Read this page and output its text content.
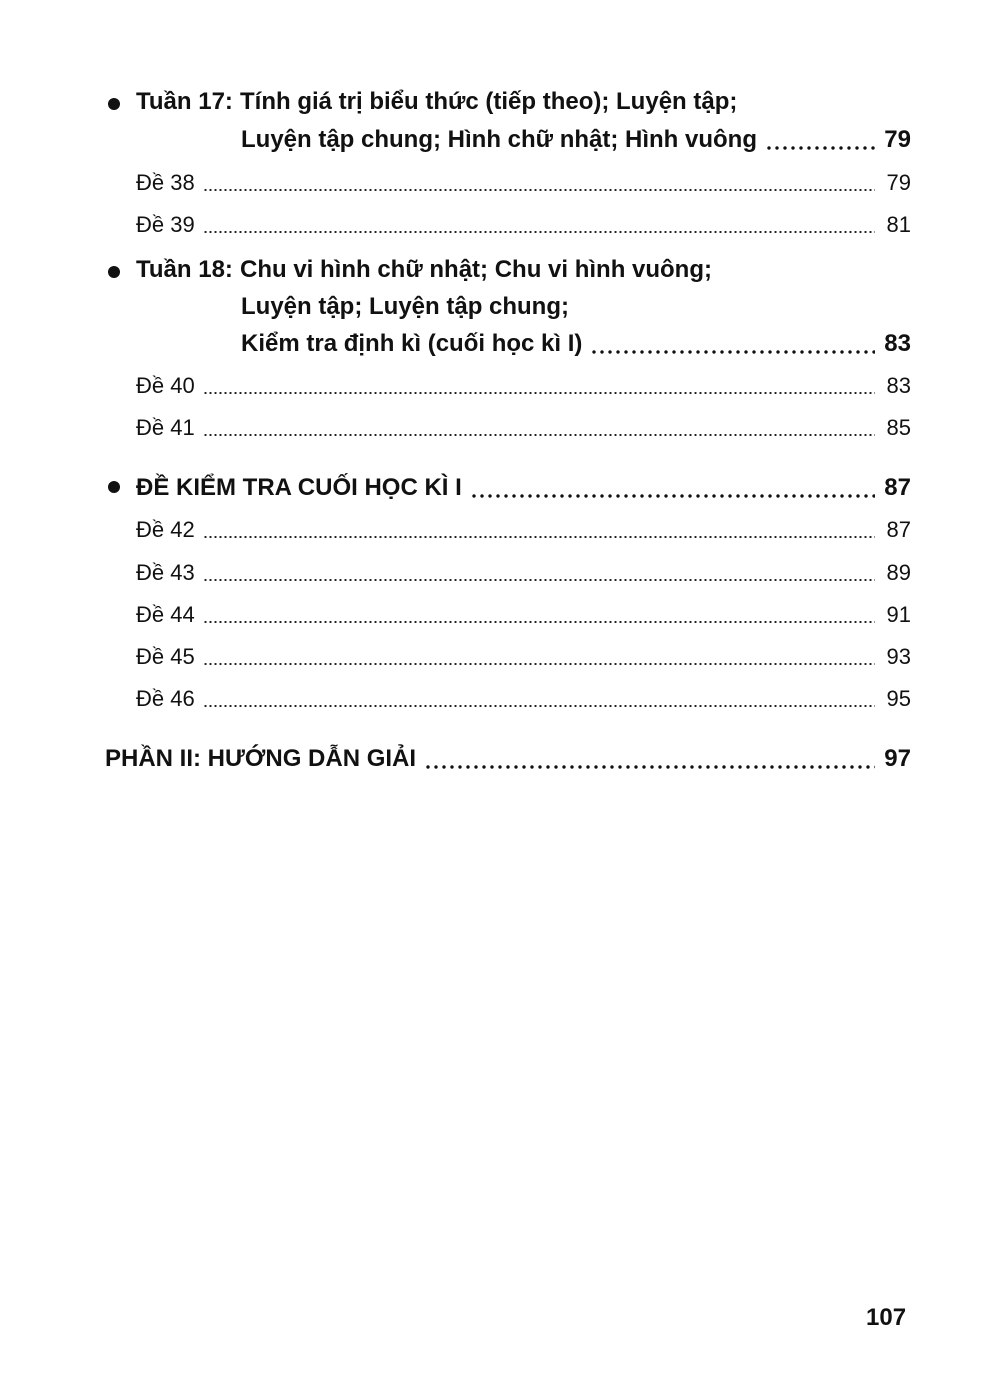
Tuần 17: Tính giá trị biểu thức (tiếp theo); Luyện tập;
Luyện tập chung; Hình chữ nhật; Hình vuông	79
Đề 38	79
Đề 39	81
Tuần 18: Chu vi hình chữ nhật; Chu vi hình vuông;
Luyện tập; Luyện tập chung;
Kiểm tra định kì (cuối học kì I)	83
Đề 40	83
Đề 41	85
ĐỀ KIỂM TRA CUỐI HỌC KÌ I	87
Đề 42	87
Đề 43	89
Đề 44	91
Đề 45	93
Đề 46	95
PHẦN II: HƯỚNG DẪN GIẢI	97
107
